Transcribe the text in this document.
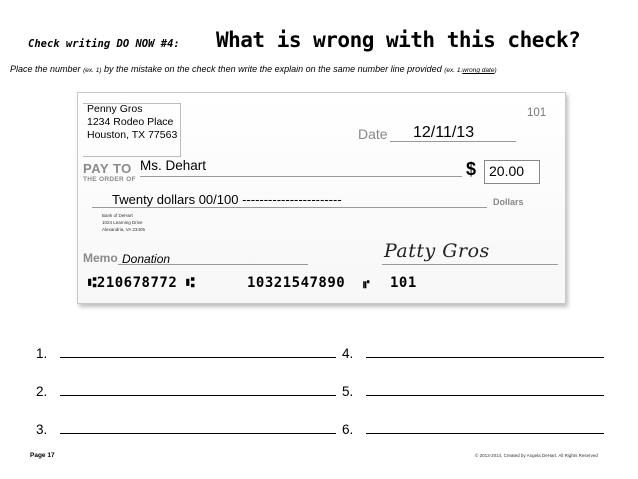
Check writing DO NOW #4: What is wrong with this check?
Place the number (ex. 1) by the mistake on the check then write the explain on the same number line provided (ex. 1.wrong date)
Penny Gros
1234 Rodeo Place
Houston, TX 77563
101
Date 12/11/13
PAY TO
THE ORDER OF
Ms. Dehart	$ 20.00
Twenty dollars 00/100 -----------------------	Dollars
Bank of DeHart
1024 Learning Drive
Alexandria, VA 23405
Memo Donation	Patty Gros
⑆210678772 ⑆	10321547890 ⑈ 101
1.	4.
2.	5.
3.	6.
Page 17	© 2013-2014, Created by Angela DeHart. All Rights Reserved
